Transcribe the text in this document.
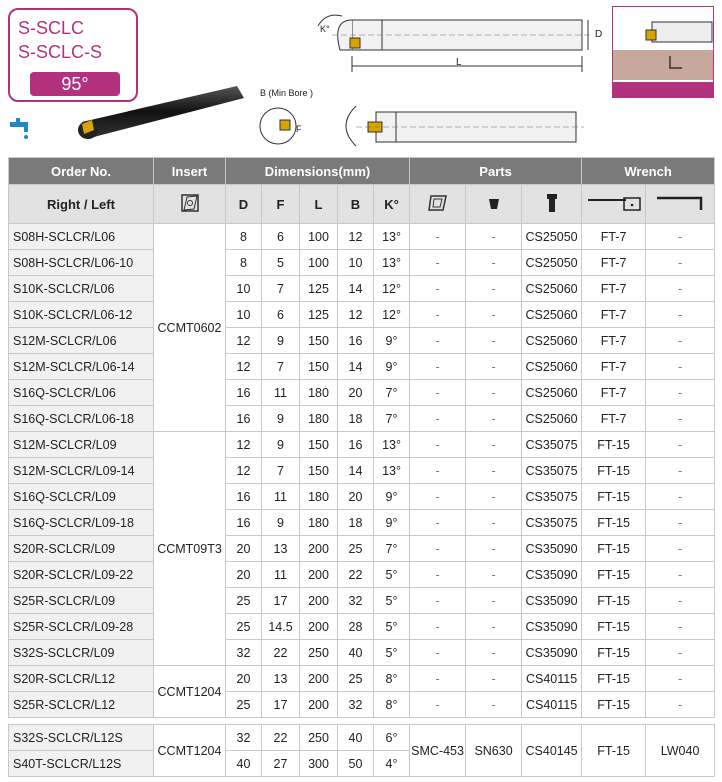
S-SCLC
S-SCLC-S
95°
L
D
K°
B (Min Bore )
F
Order No.	Insert	Dimensions(mm)					Parts			Wrench	
Right / Left		D	F	L	B	K°					
S08H-SCLCR/L06	CCMT0602	8	6	100	12	13°	-	-	CS25050	FT-7	-
S08H-SCLCR/L06-10		8	5	100	10	13°	-	-	CS25050	FT-7	-
S10K-SCLCR/L06		10	7	125	14	12°	-	-	CS25060	FT-7	-
S10K-SCLCR/L06-12		10	6	125	12	12°	-	-	CS25060	FT-7	-
S12M-SCLCR/L06		12	9	150	16	9°	-	-	CS25060	FT-7	-
S12M-SCLCR/L06-14		12	7	150	14	9°	-	-	CS25060	FT-7	-
S16Q-SCLCR/L06		16	11	180	20	7°	-	-	CS25060	FT-7	-
S16Q-SCLCR/L06-18		16	9	180	18	7°	-	-	CS25060	FT-7	-
S12M-SCLCR/L09	CCMT09T3	12	9	150	16	13°	-	-	CS35075	FT-15	-
S12M-SCLCR/L09-14		12	7	150	14	13°	-	-	CS35075	FT-15	-
S16Q-SCLCR/L09		16	11	180	20	9°	-	-	CS35075	FT-15	-
S16Q-SCLCR/L09-18		16	9	180	18	9°	-	-	CS35075	FT-15	-
S20R-SCLCR/L09		20	13	200	25	7°	-	-	CS35090	FT-15	-
S20R-SCLCR/L09-22		20	11	200	22	5°	-	-	CS35090	FT-15	-
S25R-SCLCR/L09		25	17	200	32	5°	-	-	CS35090	FT-15	-
S25R-SCLCR/L09-28		25	14.5	200	28	5°	-	-	CS35090	FT-15	-
S32S-SCLCR/L09		32	22	250	40	5°	-	-	CS35090	FT-15	-
S20R-SCLCR/L12	CCMT1204	20	13	200	25	8°	-	-	CS40115	FT-15	-
S25R-SCLCR/L12		25	17	200	32	8°	-	-	CS40115	FT-15	-

S32S-SCLCR/L12S	CCMT1204	32	22	250	40	6°	SMC-453	SN630	CS40145	FT-15	LW040
S40T-SCLCR/L12S		40	27	300	50	4°					
